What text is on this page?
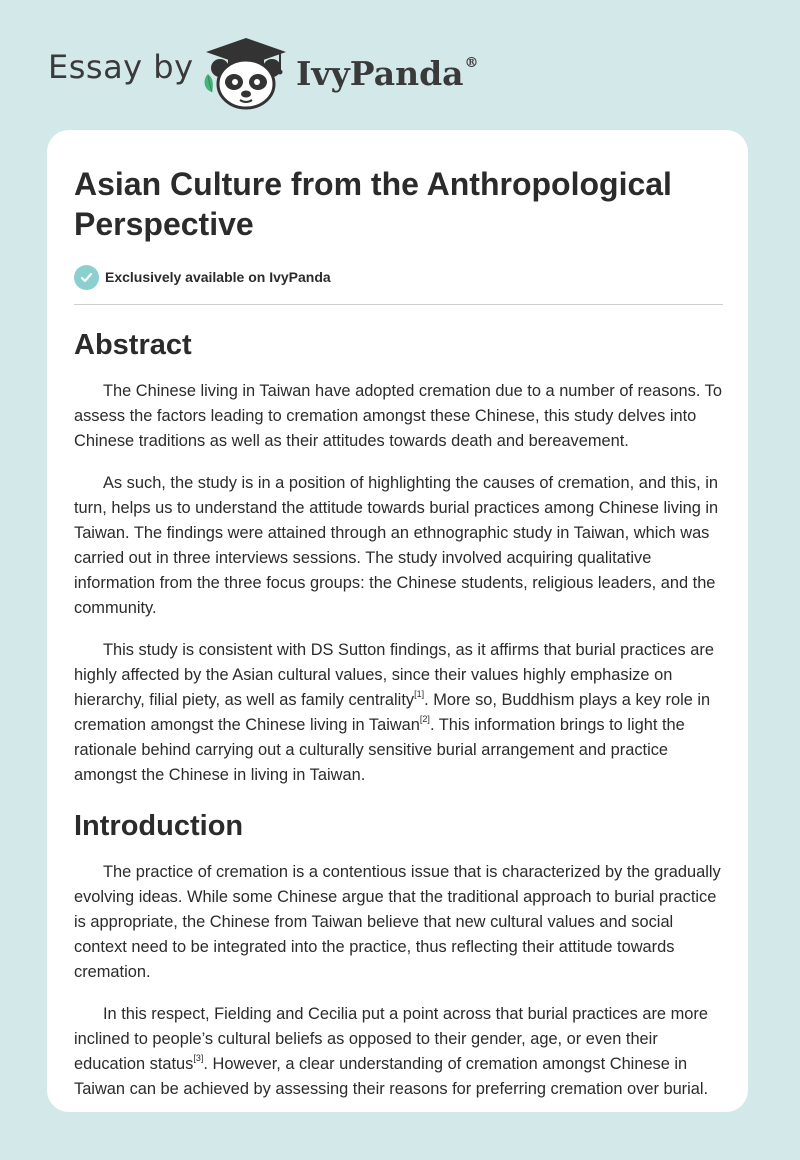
Essay by	IvyPanda®
Asian Culture from the Anthropological Perspective
Exclusively available on IvyPanda
Abstract

The Chinese living in Taiwan have adopted cremation due to a number of reasons. To assess the factors leading to cremation amongst these Chinese, this study delves into Chinese traditions as well as their attitudes towards death and bereavement.

As such, the study is in a position of highlighting the causes of cremation, and this, in turn, helps us to understand the attitude towards burial practices among Chinese living in Taiwan. The findings were attained through an ethnographic study in Taiwan, which was carried out in three interviews sessions. The study involved acquiring qualitative information from the three focus groups: the Chinese students, religious leaders, and the community.

This study is consistent with DS Sutton findings, as it affirms that burial practices are highly affected by the Asian cultural values, since their values highly emphasize on hierarchy, filial piety, as well as family centrality[1]. More so, Buddhism plays a key role in cremation amongst the Chinese living in Taiwan[2]. This information brings to light the rationale behind carrying out a culturally sensitive burial arrangement and practice amongst the Chinese in living in Taiwan.

Introduction

The practice of cremation is a contentious issue that is characterized by the gradually evolving ideas. While some Chinese argue that the traditional approach to burial practice is appropriate, the Chinese from Taiwan believe that new cultural values and social context need to be integrated into the practice, thus reflecting their attitude towards cremation.

In this respect, Fielding and Cecilia put a point across that burial practices are more inclined to people’s cultural beliefs as opposed to their gender, age, or even their education status[3]. However, a clear understanding of cremation amongst Chinese in Taiwan can be achieved by assessing their reasons for preferring cremation over burial.
